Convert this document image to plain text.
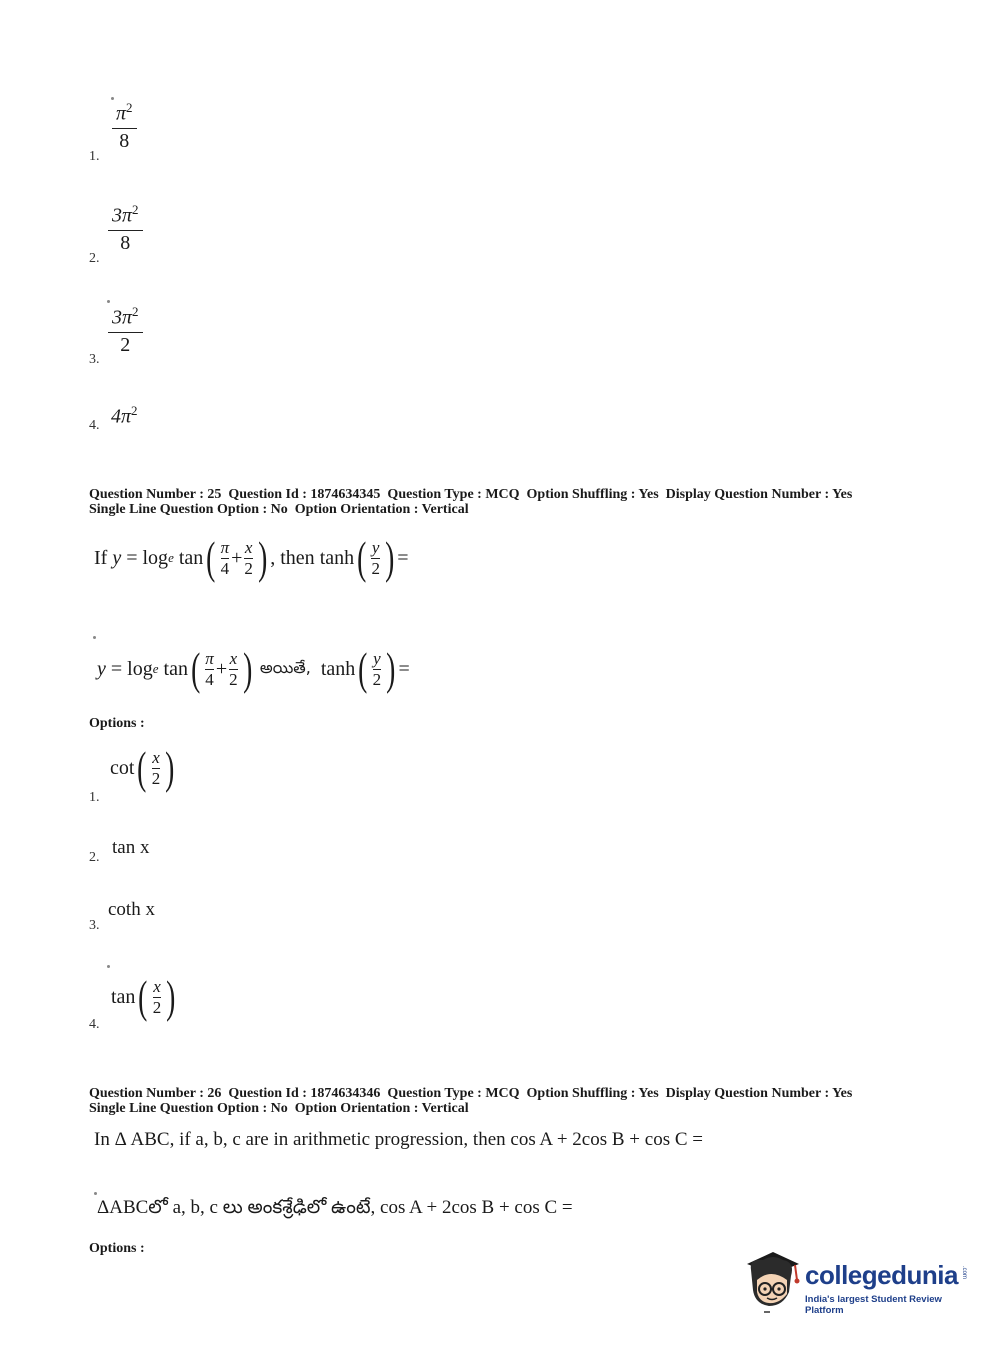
$\pi^2$
8
1.
$3\pi^2$
8
2.
$3\pi^2$
2
3.
4. $4\pi^2$
Question Number : 25  Question Id : 1874634345  Question Type : MCQ  Option Shuffling : Yes  Display Question Number : Yes
Single Line Question Option : No  Option Orientation : Vertical
If
y
= log e
tan ( π
4 + x
2 ) , then
tanh ( y
2 ) =
y
= log e
tan ( π
4 + x
2 )
అయితే,
tanh ( y
2 ) =
Options :
cot ( x
2 )
1.
2. tan x
coth x
3.
tan ( x
2 )
4.
Question Number : 26  Question Id : 1874634346  Question Type : MCQ  Option Shuffling : Yes  Display Question Number : Yes
Single Line Question Option : No  Option Orientation : Vertical
In Δ ABC, if a, b, c are in arithmetic progression, then cos A + 2cos B + cos C =
ΔABCలో a, b, c లు అంకశ్రేఢిలో ఉంటే, cos A + 2cos B + cos C =
Options :
collegedunia .com
India's largest Student Review Platform
